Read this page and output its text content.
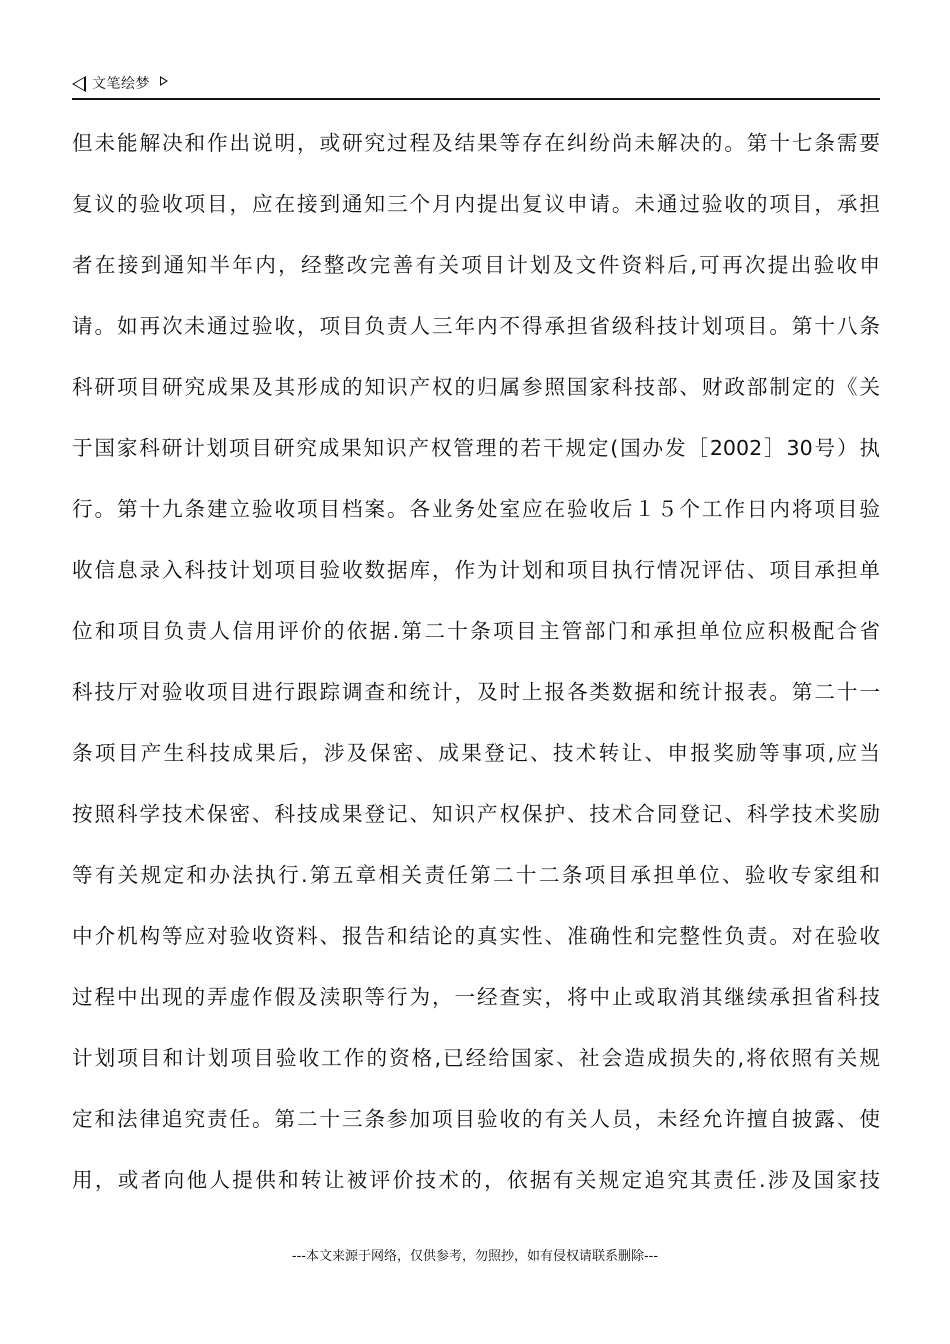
文笔绘梦
但未能解决和作出说明，或研究过程及结果等存在纠纷尚未解决的。第十七条需要
复议的验收项目，应在接到通知三个月内提出复议申请。未通过验收的项目，承担
者在接到通知半年内，经整改完善有关项目计划及文件资料后,可再次提出验收申
请。如再次未通过验收，项目负责人三年内不得承担省级科技计划项目。第十八条
科研项目研究成果及其形成的知识产权的归属参照国家科技部、财政部制定的《关
于国家科研计划项目研究成果知识产权管理的若干规定(国办发［2002］30号）执
行。第十九条建立验收项目档案。各业务处室应在验收后１５个工作日内将项目验
收信息录入科技计划项目验收数据库，作为计划和项目执行情况评估、项目承担单
位和项目负责人信用评价的依据.第二十条项目主管部门和承担单位应积极配合省
科技厅对验收项目进行跟踪调查和统计，及时上报各类数据和统计报表。第二十一
条项目产生科技成果后，涉及保密、成果登记、技术转让、申报奖励等事项,应当
按照科学技术保密、科技成果登记、知识产权保护、技术合同登记、科学技术奖励
等有关规定和办法执行.第五章相关责任第二十二条项目承担单位、验收专家组和
中介机构等应对验收资料、报告和结论的真实性、准确性和完整性负责。对在验收
过程中出现的弄虚作假及渎职等行为，一经查实，将中止或取消其继续承担省科技
计划项目和计划项目验收工作的资格,已经给国家、社会造成损失的,将依照有关规
定和法律追究责任。第二十三条参加项目验收的有关人员，未经允许擅自披露、使
用，或者向他人提供和转让被评价技术的，依据有关规定追究其责任.涉及国家技
---本文来源于网络，仅供参考，勿照抄，如有侵权请联系删除---
